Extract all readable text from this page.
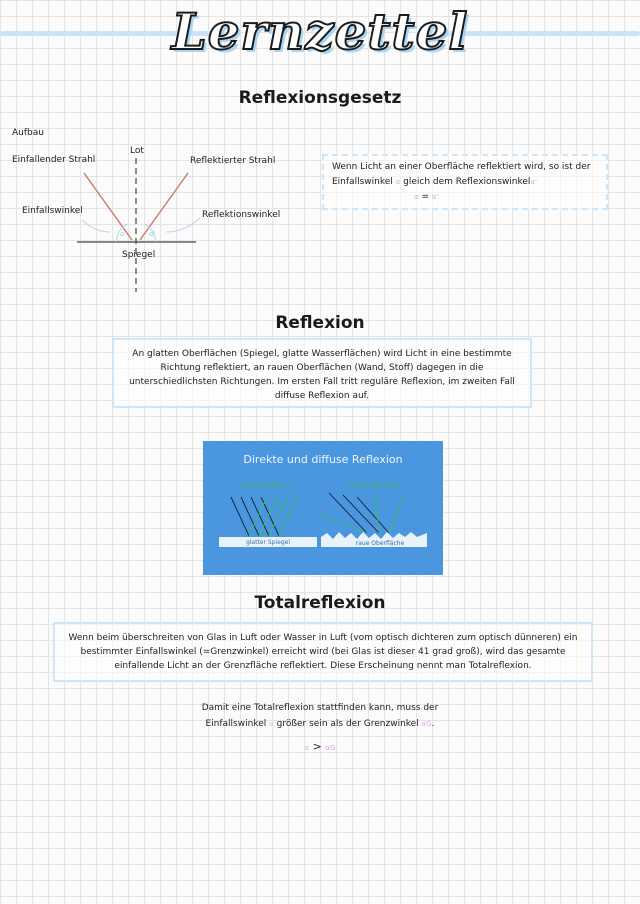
Lernzettel
Reflexionsgesetz
Aufbau
Lot
Einfallender Strahl	Reflektierter Strahl
Einfallswinkel	Reflektionswinkel
Spiegel
α	α'
Wenn Licht an einer Oberfläche reflektiert wird, so ist der
Einfallswinkel α gleich dem Reflexionswinkelα'
α = α'
Reflexion
An glatten Oberflächen (Spiegel, glatte Wasserflächen) wird Licht in eine bestimmte
Richtung reflektiert, an rauen Oberflächen (Wand, Stoff) dagegen in die
unterschiedlichsten Richtungen. Im ersten Fall tritt reguläre Reflexion, im zweiten Fall
diffuse Reflexion auf.
Direkte und diffuse Reflexion
direkte Reflexion	diffuse Reflexion
glatter Spiegel	raue Oberfläche
Totalreflexion
Wenn beim überschreiten von Glas in Luft oder Wasser in Luft (vom optisch dichteren zum optisch dünneren) ein
bestimmter Einfallswinkel (=Grenzwinkel) erreicht wird (bei Glas ist dieser 41 grad groß), wird das gesamte
einfallende Licht an der Grenzfläche reflektiert. Diese Erscheinung nennt man Totalreflexion.
Damit eine Totalreflexion stattfinden kann, muss der
Einfallswinkel α größer sein als der Grenzwinkel αG.
α > αG
